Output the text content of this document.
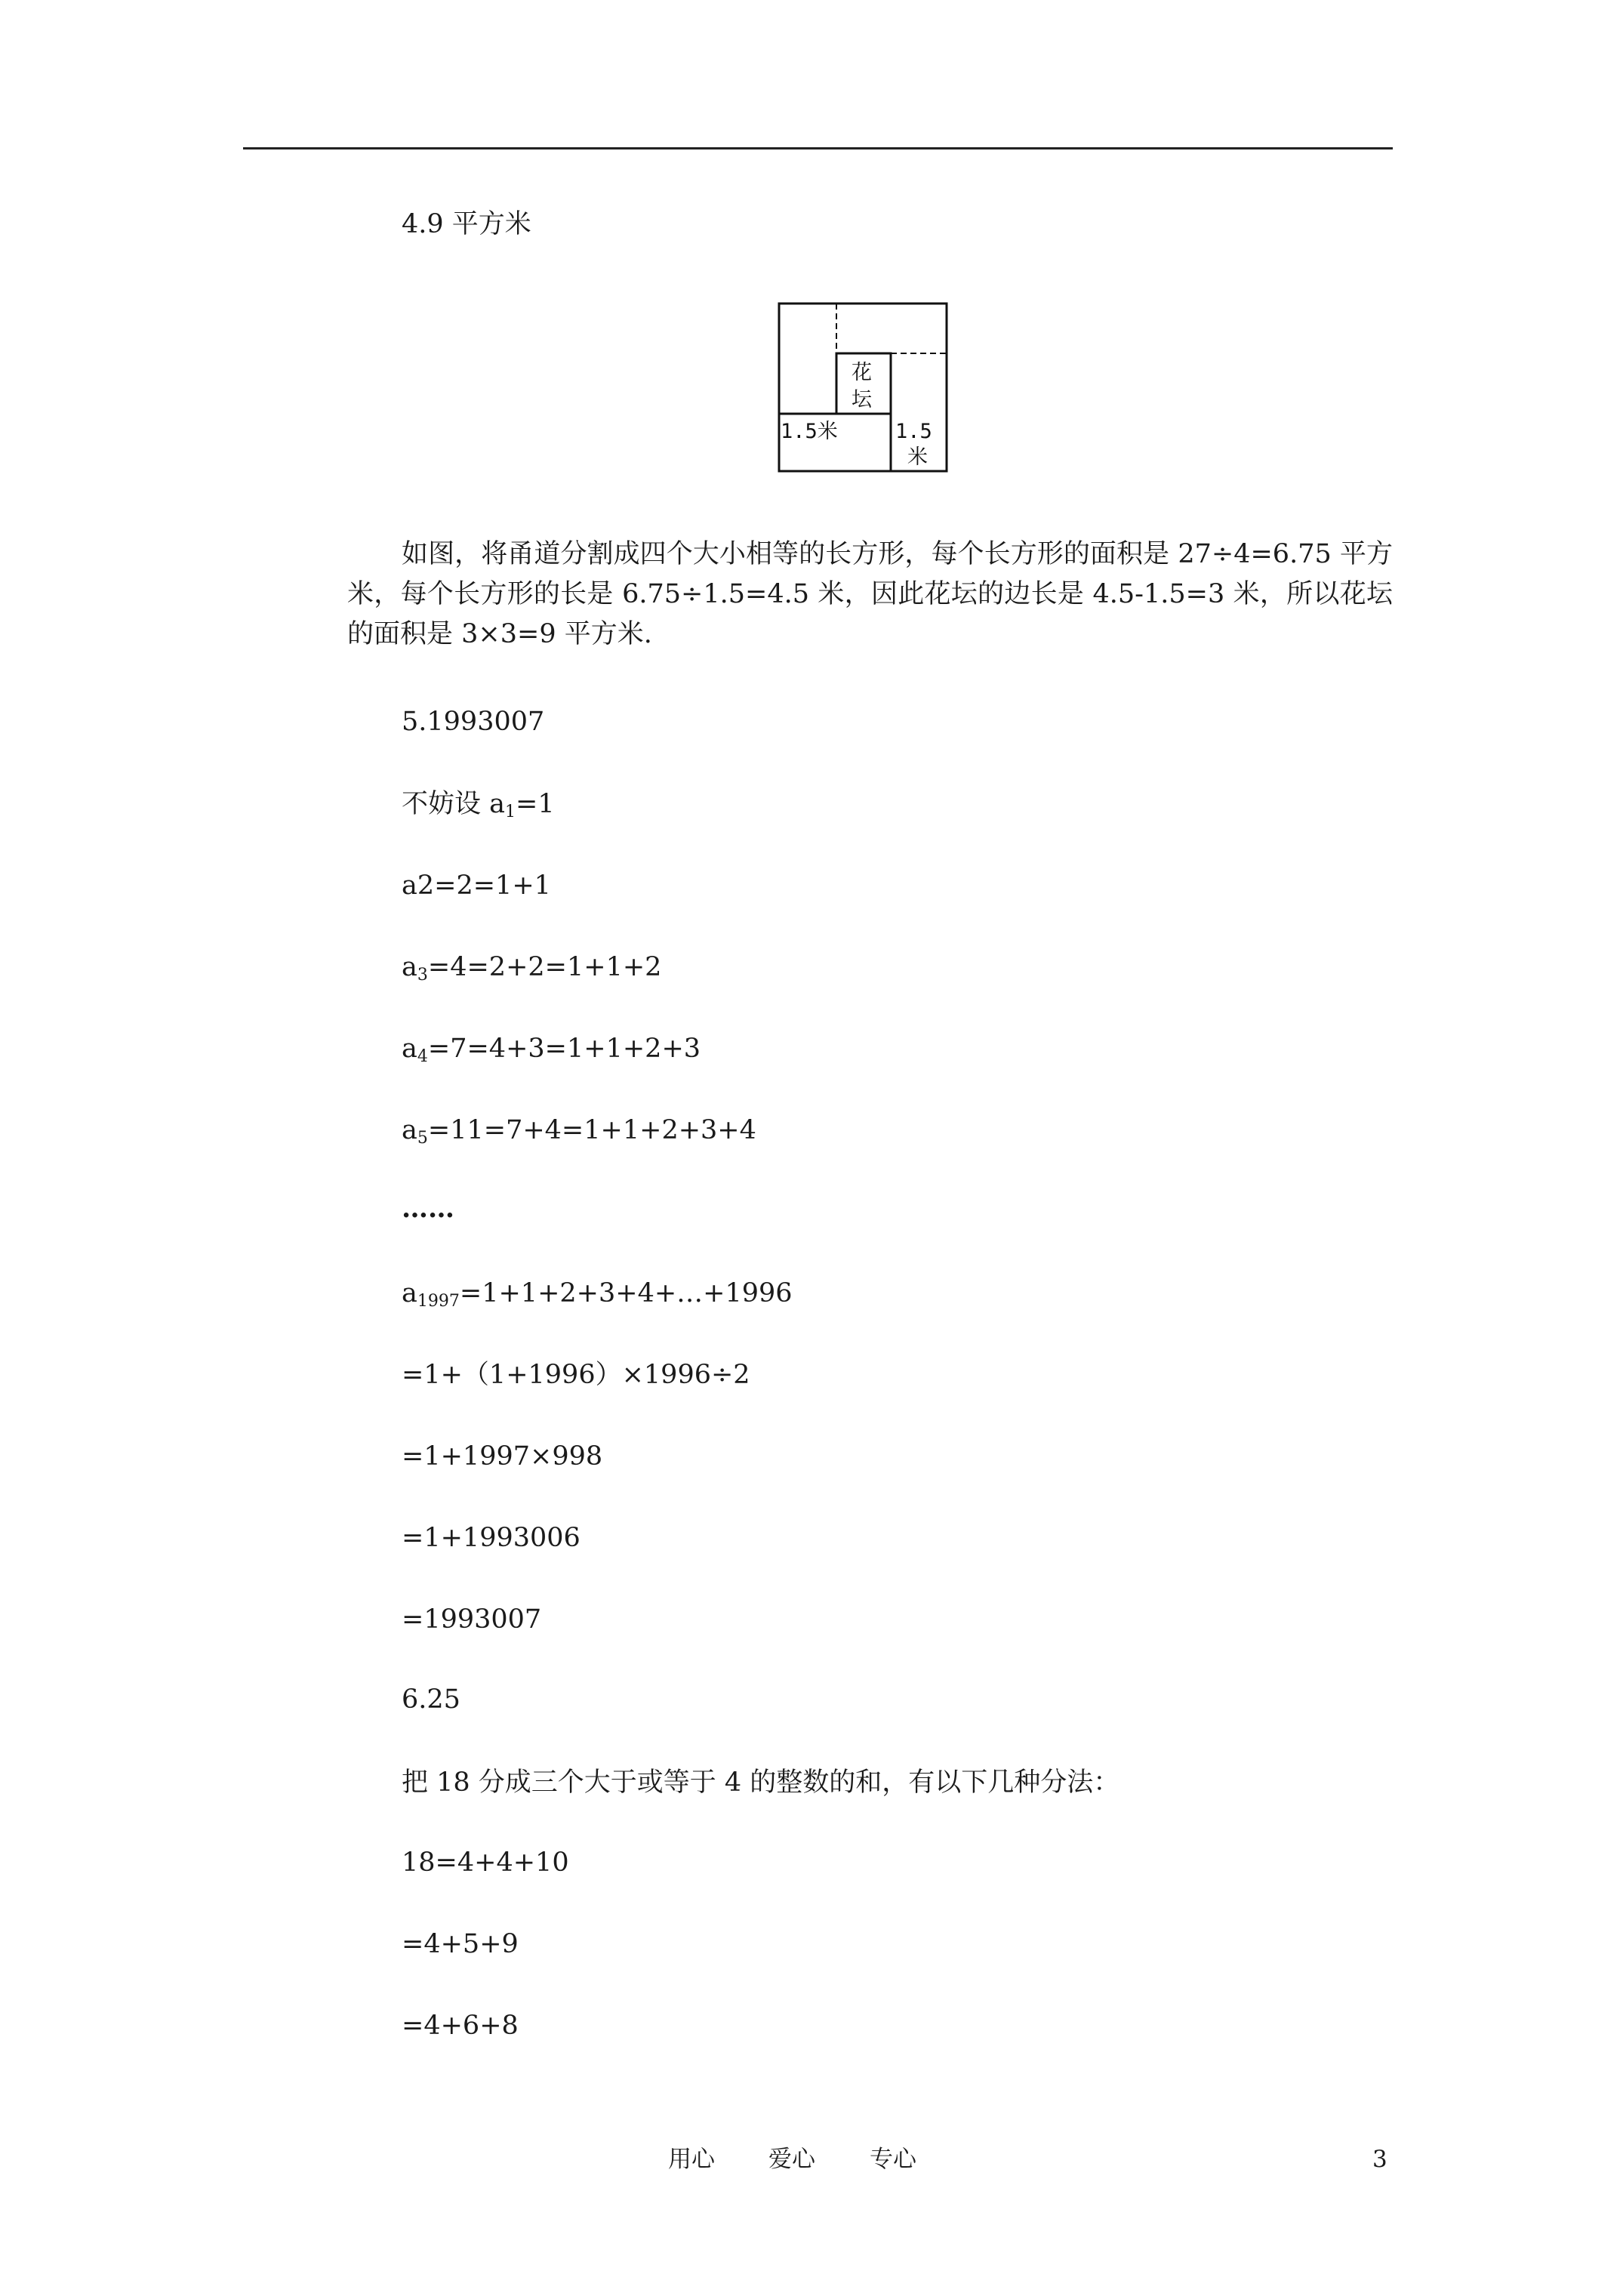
4.9 平方米
花
坛
1.5米	1.5
米
如图，将甬道分割成四个大小相等的长方形，每个长方形的面积是 27÷4=6.75 平方米，每个长方形的长是 6.75÷1.5=4.5 米，因此花坛的边长是 4.5-1.5=3 米，所以花坛的面积是 3×3=9 平方米.
5.1993007
不妨设 $a_1=1$
a2=2=1+1
$a_3=4=2+2=1+1+2$
$a_4=7=4+3=1+1+2+3$
$a_5=11=7+4=1+1+2+3+4$
……
$a_{1997}=1+1+2+3+4+\dots+1996$
=1+（1+1996）×1996÷2
=1+1997×998
=1+1993006
=1993007
6.25
把 18 分成三个大于或等于 4 的整数的和，有以下几种分法：
18=4+4+10
=4+5+9
=4+6+8
用心 爱心 专心	3
